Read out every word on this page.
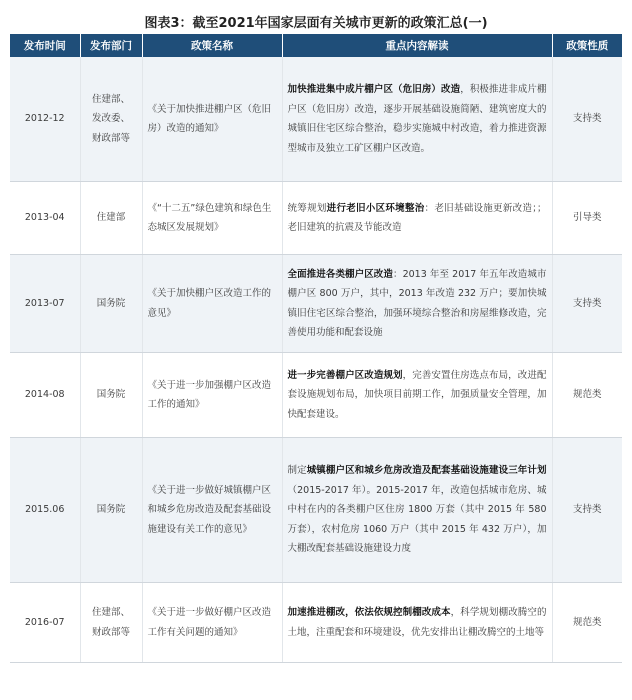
图表3：截至2021年国家层面有关城市更新的政策汇总(一)
发布时间	发布部门	政策名称	重点内容解读	政策性质
2012-12	住建部、
发改委、
财政部等	《关于加快推进棚户区（危旧房）改造的通知》	加快推进集中成片棚户区（危旧房）改造，积极推进非成片棚户区（危旧房）改造，逐步开展基础设施简陋、建筑密度大的城镇旧住宅区综合整治，稳步实施城中村改造，着力推进资源型城市及独立工矿区棚户区改造。	支持类
2013-04	住建部	《“十二五”绿色建筑和绿色生态城区发展规划》	统筹规划进行老旧小区环境整治：老旧基础设施更新改造；；老旧建筑的抗震及节能改造	引导类
2013-07	国务院	《关于加快棚户区改造工作的意见》	全面推进各类棚户区改造：2013 年至 2017 年五年改造城市棚户区 800 万户，其中，2013 年改造 232 万户；要加快城镇旧住宅区综合整治，加强环境综合整治和房屋维修改造，完善使用功能和配套设施	支持类
2014-08	国务院	《关于进一步加强棚户区改造工作的通知》	进一步完善棚户区改造规划，完善安置住房选点布局，改进配套设施规划布局，加快项目前期工作，加强质量安全管理，加快配套建设。	规范类
2015.06	国务院	《关于进一步做好城镇棚户区和城乡危房改造及配套基础设施建设有关工作的意见》	制定城镇棚户区和城乡危房改造及配套基础设施建设三年计划（2015-2017 年）。2015-2017 年，改造包括城市危房、城中村在内的各类棚户区住房 1800 万套（其中 2015 年 580 万套），农村危房 1060 万户（其中 2015 年 432 万户），加大棚改配套基础设施建设力度	支持类
2016-07	住建部、
财政部等	《关于进一步做好棚户区改造工作有关问题的通知》	加速推进棚改，依法依规控制棚改成本，科学规划棚改腾空的土地，注重配套和环境建设，优先安排出让棚改腾空的土地等	规范类
